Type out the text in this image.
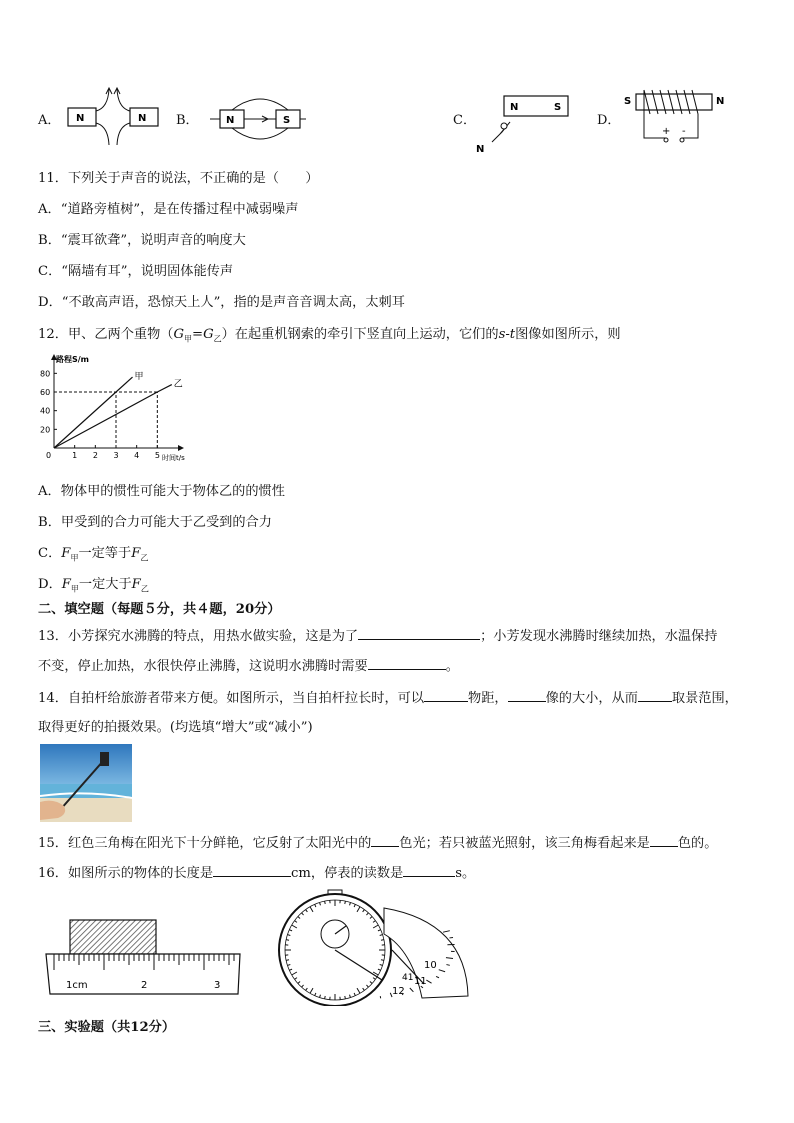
A． N	N B．	N	S	C．
N	S
N
D．
S	N
+ -
11．下列关于声音的说法，不正确的是（　　）
A．“道路旁植树”，是在传播过程中减弱噪声
B．“震耳欲聋”，说明声音的响度大
C．“隔墙有耳”，说明固体能传声
D．“不敢高声语，恐惊天上人”，指的是声音音调太高，太刺耳
12．甲、乙两个重物$(G_甲=G_乙)$在起重机钢索的牵引下竖直向上运动，它们的s-t图像如图所示，则
路程S/m
时间t/s
0	1 2 3 4 5
20
40
60
80	甲
乙
A．物体甲的惯性可能大于物体乙的的惯性
B．甲受到的合力可能大于乙受到的合力
C．$F_甲$一定等于$F_乙$
D．$F_甲$一定大于$F_乙$
二、填空题（每题５分，共４题，20分）
13．小芳探究水沸腾的特点，用热水做实验，这是为了	；小芳发现水沸腾时继续加热，水温保持
不变，停止加热，水很快停止沸腾，这说明水沸腾时需要	。
14．自拍杆给旅游者带来方便。如图所示，当自拍杆拉长时，可以	物距，	像的大小，从而	取景范围，
取得更好的拍摄效果。(均选填“增大”或“减小”)
15．红色三角梅在阳光下十分鲜艳，它反射了太阳光中的 色光；若只被蓝光照射，该三角梅看起来是 色的。
16．如图所示的物体的长度是	cm，停表的读数是	s。
1cm	2	3
10
11
12
41
三、实验题（共12分）
